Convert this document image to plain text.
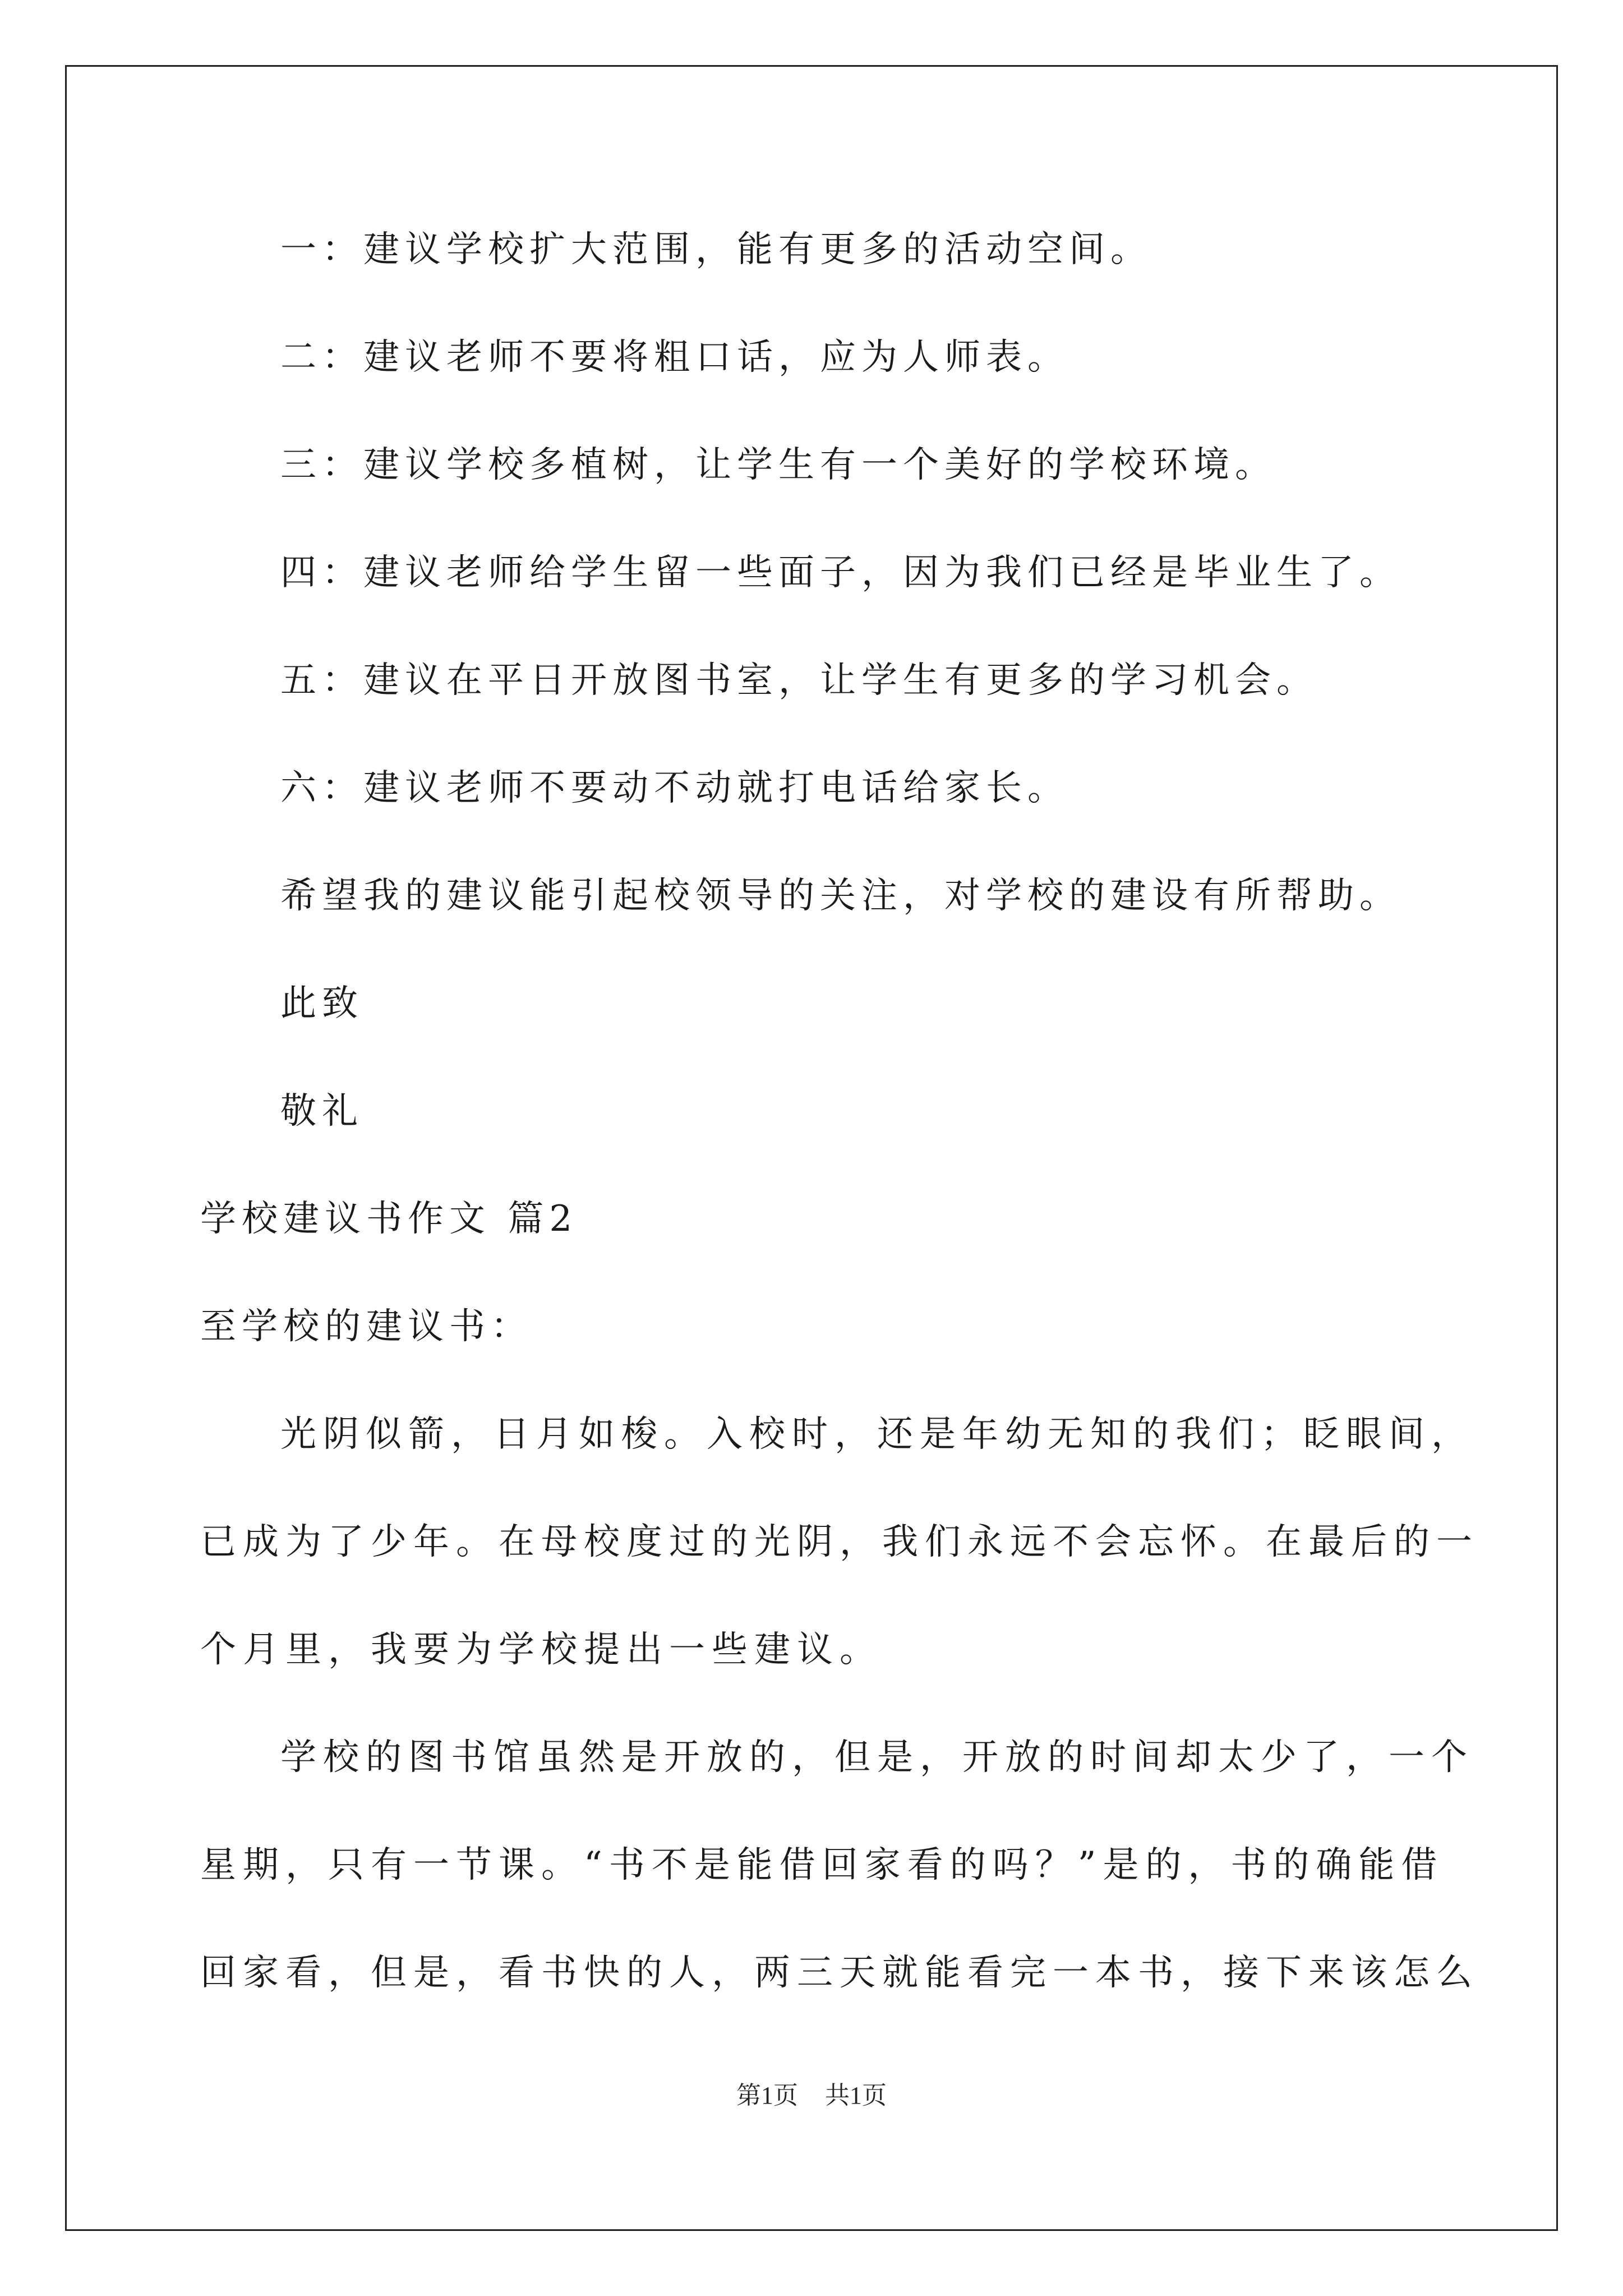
一：建议学校扩大范围，能有更多的活动空间。
二：建议老师不要将粗口话，应为人师表。
三：建议学校多植树，让学生有一个美好的学校环境。
四：建议老师给学生留一些面子，因为我们已经是毕业生了。
五：建议在平日开放图书室，让学生有更多的学习机会。
六：建议老师不要动不动就打电话给家长。
希望我的建议能引起校领导的关注，对学校的建设有所帮助。
此致
敬礼
学校建议书作文 篇2
至学校的建议书：
光阴似箭，日月如梭。入校时，还是年幼无知的我们；眨眼间，
已成为了少年。在母校度过的光阴，我们永远不会忘怀。在最后的一
个月里，我要为学校提出一些建议。
学校的图书馆虽然是开放的，但是，开放的时间却太少了，一个
星期，只有一节课。“书不是能借回家看的吗？”是的，书的确能借
回家看，但是，看书快的人，两三天就能看完一本书，接下来该怎么
第1页 共1页
